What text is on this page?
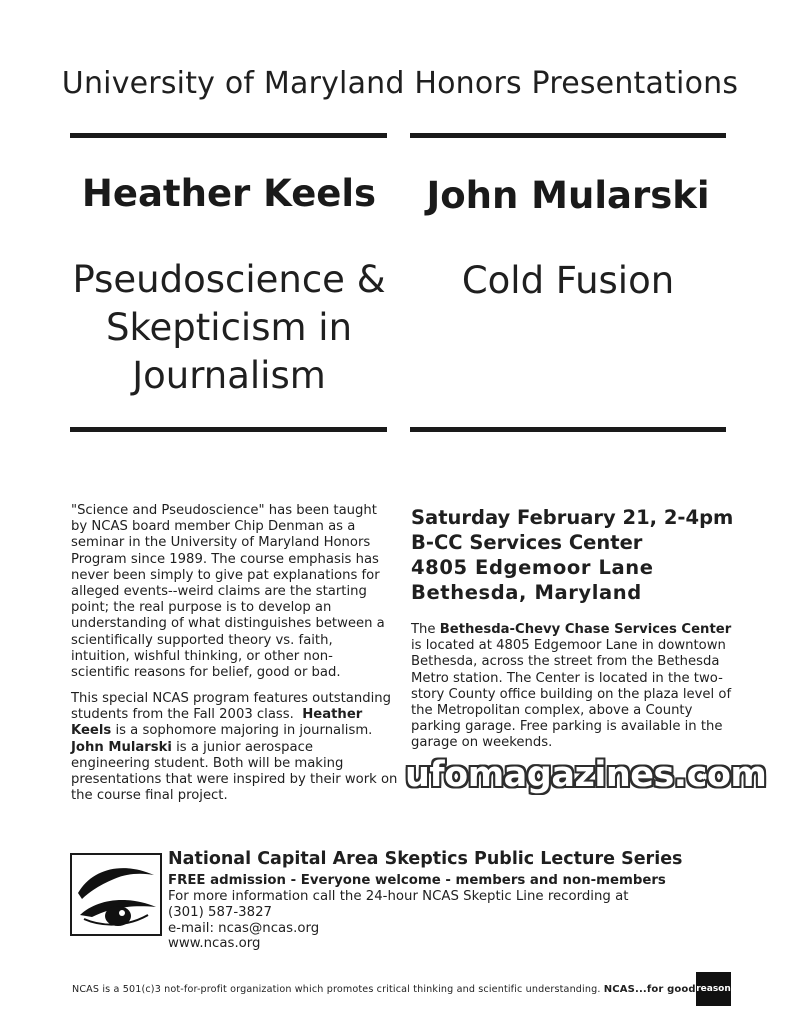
University of Maryland Honors Presentations
Heather Keels
Pseudoscience &
Skepticism in
Journalism
John Mularski
Cold Fusion

"Science and Pseudoscience" has been taught

by NCAS board member Chip Denman as a

seminar in the University of Maryland Honors

Program since 1989. The course emphasis has

never been simply to give pat explanations for

alleged events--weird claims are the starting

point; the real purpose is to develop an

understanding of what distinguishes between a

scientifically supported theory vs. faith,

intuition, wishful thinking, or other non-

scientific reasons for belief, good or bad.

This special NCAS program features outstanding

students from the Fall 2003 class. Heather

Keels is a sophomore majoring in journalism.

John Mularski is a junior aerospace

engineering student. Both will be making

presentations that were inspired by their work on

the course final project.

Saturday February 21, 2-4pm
B-CC Services Center
4805 Edgemoor Lane
Bethesda, Maryland

The Bethesda-Chevy Chase Services Center

is located at 4805 Edgemoor Lane in downtown

Bethesda, across the street from the Bethesda

Metro station. The Center is located in the two-

story County office building on the plaza level of

the Metropolitan complex, above a County

parking garage. Free parking is available in the

garage on weekends.

ufomagazines.com
National Capital Area Skeptics Public Lecture Series
FREE admission - Everyone welcome - members and non-members
For more information call the 24-hour NCAS Skeptic Line recording at
(301) 587-3827
e-mail: ncas@ncas.org
www.ncas.org
NCAS is a 501(c)3 not-for-profit organization which promotes critical thinking and scientific understanding. NCAS...for good reason
